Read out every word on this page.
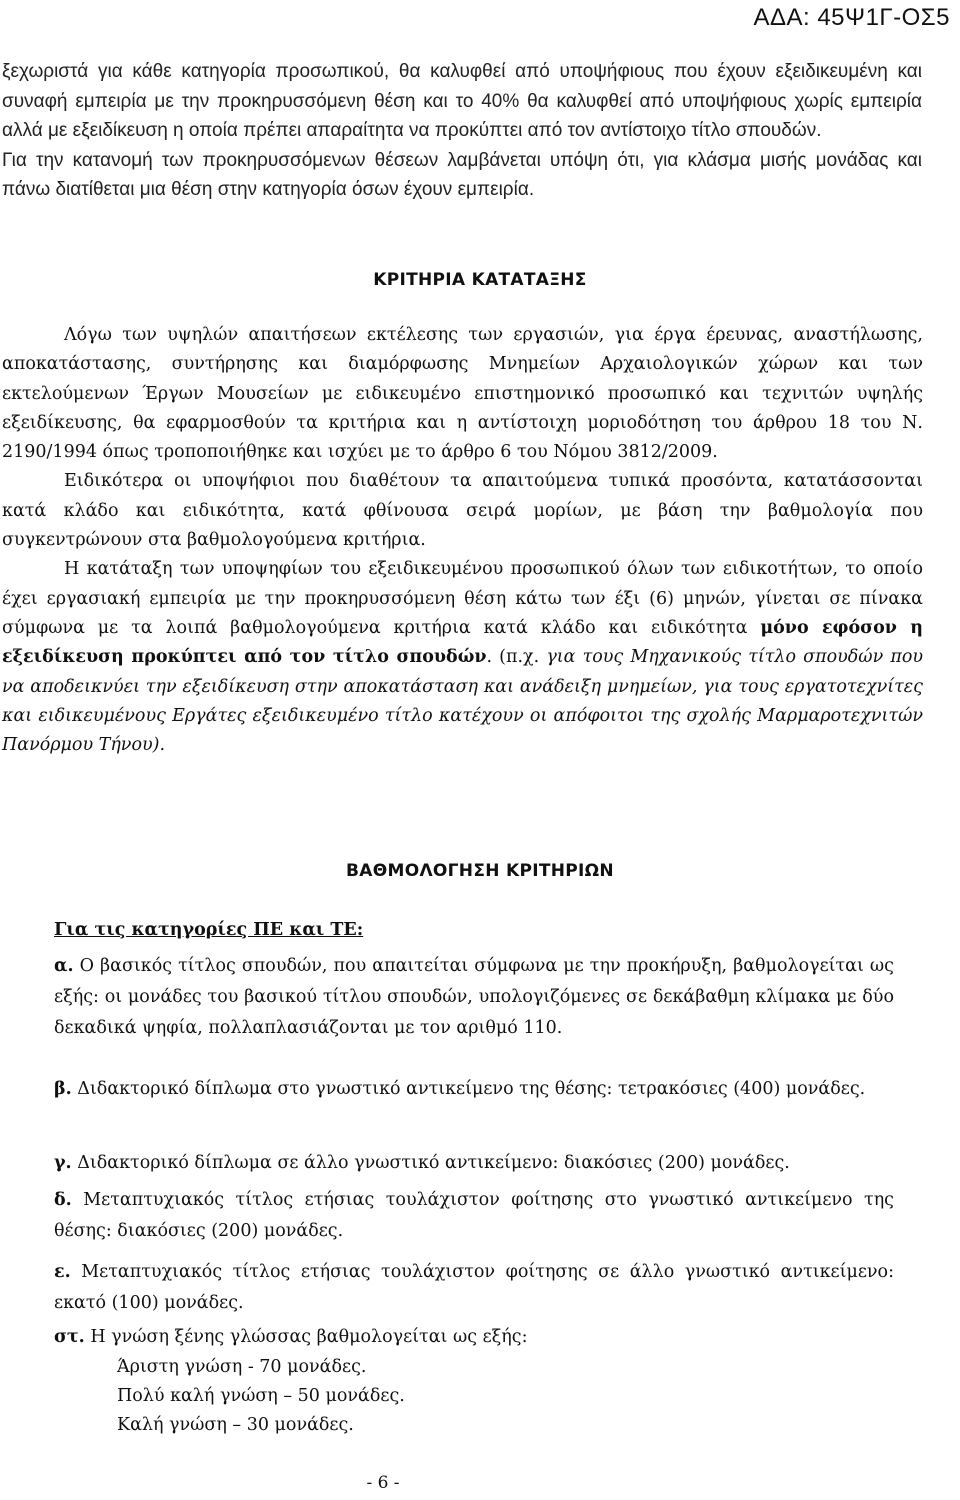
ΑΔΑ: 45Ψ1Γ-ΟΣ5

ξεχωριστά για κάθε κατηγορία προσωπικού, θα καλυφθεί από υποψήφιους που έχουν εξειδικευμένη και συναφή εμπειρία με την προκηρυσσόμενη θέση και το 40% θα καλυφθεί από υποψήφιους χωρίς εμπειρία αλλά με εξειδίκευση η οποία πρέπει απαραίτητα να προκύπτει από τον αντίστοιχο τίτλο σπουδών.

Για την κατανομή των προκηρυσσόμενων θέσεων λαμβάνεται υπόψη ότι, για κλάσμα μισής μονάδας και πάνω διατίθεται μια θέση στην κατηγορία όσων έχουν εμπειρία.

ΚΡΙΤΗΡΙΑ ΚΑΤΑΤΑΞΗΣ

Λόγω των υψηλών απαιτήσεων εκτέλεσης των εργασιών, για έργα έρευνας, αναστήλωσης, αποκατάστασης, συντήρησης και διαμόρφωσης Μνημείων Αρχαιολογικών χώρων και των εκτελούμενων Έργων Μουσείων με ειδικευμένο επιστημονικό προσωπικό και τεχνιτών υψηλής εξειδίκευσης, θα εφαρμοσθούν τα κριτήρια και η αντίστοιχη μοριοδότηση του άρθρου 18 του Ν. 2190/1994 όπως τροποποιήθηκε και ισχύει με το άρθρο 6 του Νόμου 3812/2009.

Ειδικότερα οι υποψήφιοι που διαθέτουν τα απαιτούμενα τυπικά προσόντα, κατατάσσονται κατά κλάδο και ειδικότητα, κατά φθίνουσα σειρά μορίων, με βάση την βαθμολογία που συγκεντρώνουν στα βαθμολογούμενα κριτήρια.

Η κατάταξη των υποψηφίων του εξειδικευμένου προσωπικού όλων των ειδικοτήτων, το οποίο έχει εργασιακή εμπειρία με την προκηρυσσόμενη θέση κάτω των έξι (6) μηνών, γίνεται σε πίνακα σύμφωνα με τα λοιπά βαθμολογούμενα κριτήρια κατά κλάδο και ειδικότητα μόνο εφόσον η εξειδίκευση προκύπτει από τον τίτλο σπουδών. (π.χ. για τους Μηχανικούς τίτλο σπουδών που να αποδεικνύει την εξειδίκευση στην αποκατάσταση και ανάδειξη μνημείων, για τους εργατοτεχνίτες και ειδικευμένους Εργάτες εξειδικευμένο τίτλο κατέχουν οι απόφοιτοι της σχολής Μαρμαροτεχνιτών Πανόρμου Τήνου).

ΒΑΘΜΟΛΟΓΗΣΗ ΚΡΙΤΗΡΙΩΝ
Για τις κατηγορίες ΠΕ και ΤΕ:
α. Ο βασικός τίτλος σπουδών, που απαιτείται σύμφωνα με την προκήρυξη, βαθμολογείται ως εξής: οι μονάδες του βασικού τίτλου σπουδών, υπολογιζόμενες σε δεκάβαθμη κλίμακα με δύο δεκαδικά ψηφία, πολλαπλασιάζονται με τον αριθμό 110.
β. Διδακτορικό δίπλωμα στο γνωστικό αντικείμενο της θέσης: τετρακόσιες (400) μονάδες.
γ. Διδακτορικό δίπλωμα σε άλλο γνωστικό αντικείμενο: διακόσιες (200) μονάδες.
δ. Μεταπτυχιακός τίτλος ετήσιας τουλάχιστον φοίτησης στο γνωστικό αντικείμενο της θέσης: διακόσιες (200) μονάδες.
ε. Μεταπτυχιακός τίτλος ετήσιας τουλάχιστον φοίτησης σε άλλο γνωστικό αντικείμενο: εκατό (100) μονάδες.
στ. Η γνώση ξένης γλώσσας βαθμολογείται ως εξής:
Άριστη γνώση - 70 μονάδες.
Πολύ καλή γνώση – 50 μονάδες.
Καλή γνώση – 30 μονάδες.
- 6 -
